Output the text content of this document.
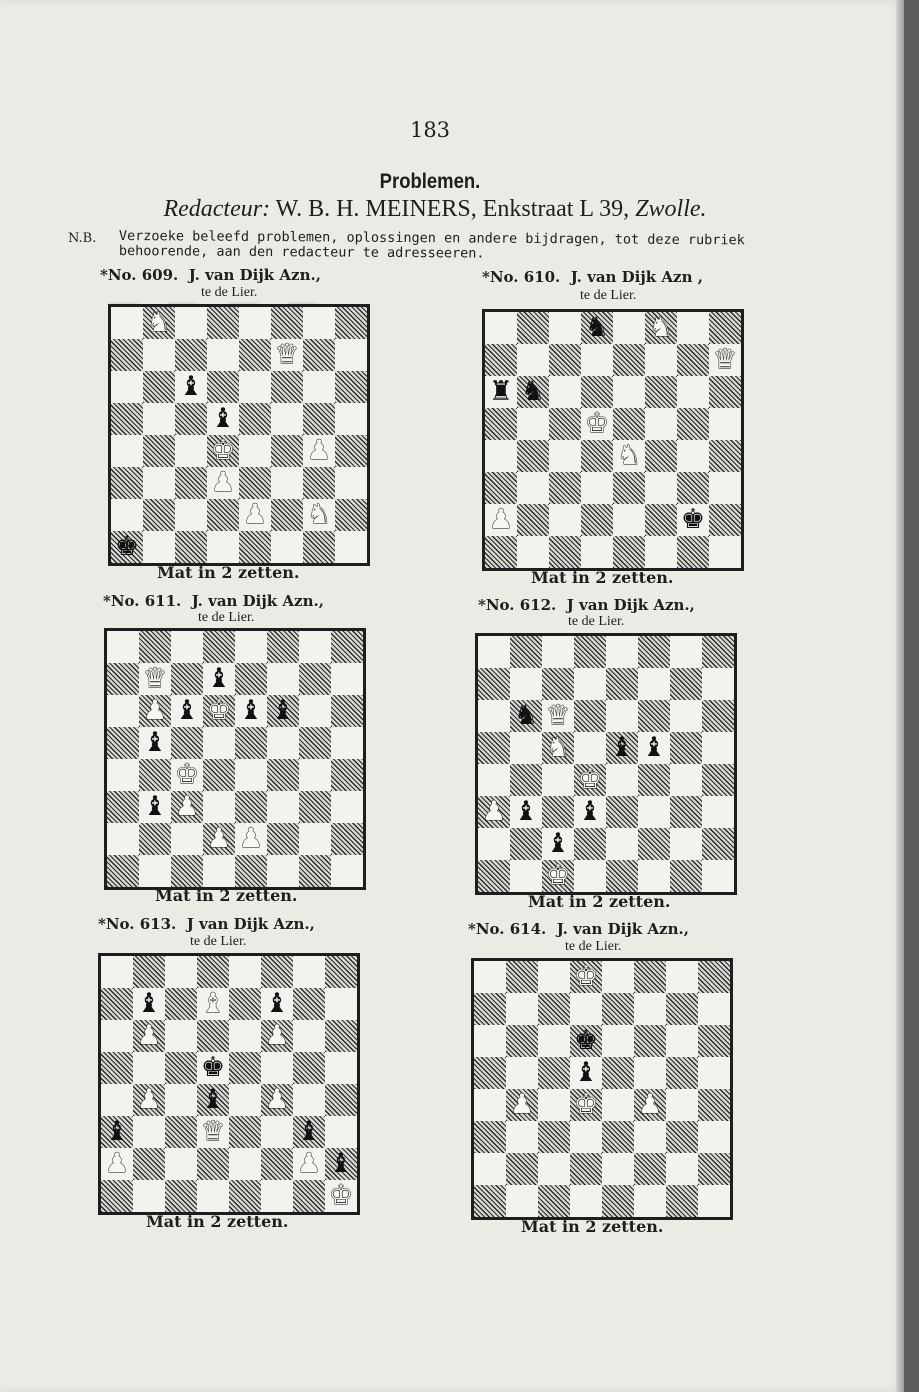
183
Problemen.
Redacteur: W. B. H. MEINERS, Enkstraat L 39, Zwolle.
N.B. Verzoeke beleefd problemen, oplossingen en andere bijdragen, tot deze rubriek
behoorende, aan den redacteur te adresseeren.
*No. 609. J. van Dijk Azn.,
te de Lier.
♞
♛
♝
♝
♚	♟
♟
♟ ♞
♚
Mat in 2 zetten.
*No. 610. J. van Dijk Azn ,
te de Lier.
♞ ♞
♛
♜ ♞
♚
♞
♟	♚
Mat in 2 zetten.
*No. 611. J. van Dijk Azn.,
te de Lier.
♛ ♝
♟ ♝ ♚ ♝ ♝
♝
♚
♝ ♟
♟ ♟
Mat in 2 zetten.
*No. 612. J van Dijk Azn.,
te de Lier.
♞ ♛
♞ ♝ ♝
♚
♟ ♝ ♝
♝
♚
Mat in 2 zetten.
*No. 613. J van Dijk Azn.,
te de Lier.
♝ ♝ ♝
♟	♟
♚
♟ ♝ ♟
♝	♛	♝
♟	♟ ♝
♚
Mat in 2 zetten.
*No. 614. J. van Dijk Azn.,
te de Lier.
♚
♚
♝
♟ ♚ ♟
Mat in 2 zetten.
